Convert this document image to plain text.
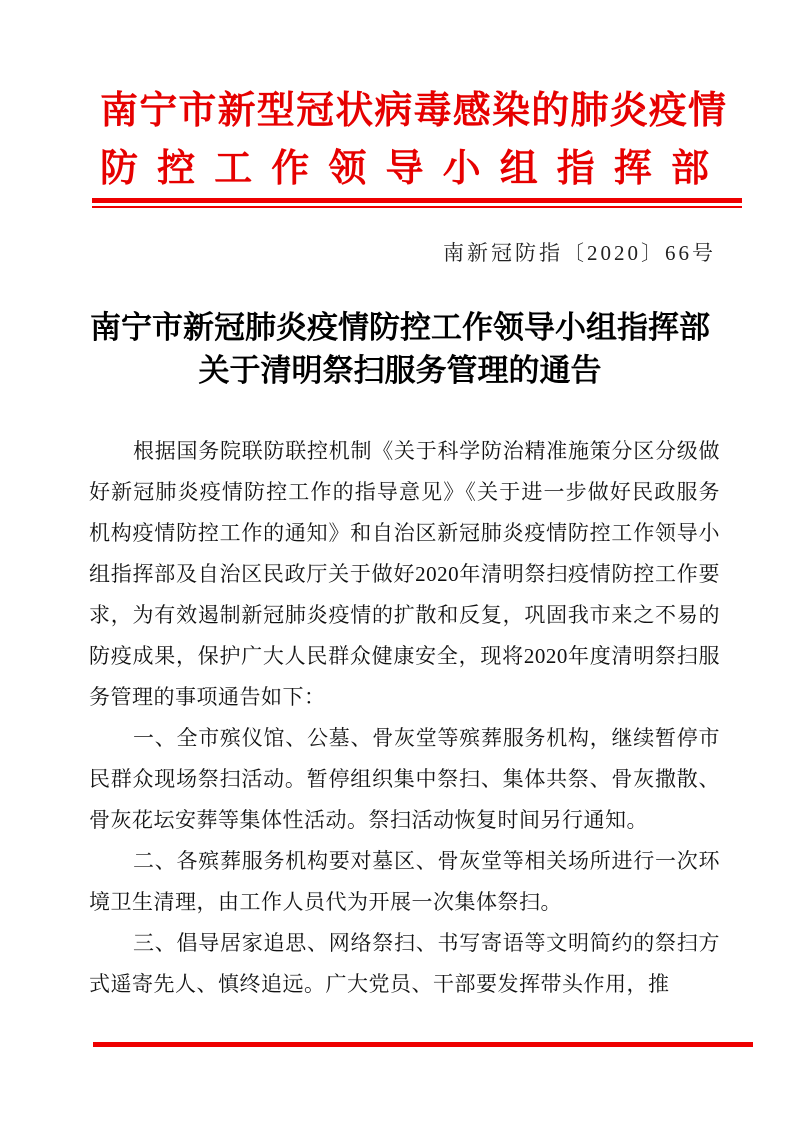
南宁市新型冠状病毒感染的肺炎疫情
防控工作领导小组指挥部
南新冠防指〔2020〕66号
南宁市新冠肺炎疫情防控工作领导小组指挥部
关于清明祭扫服务管理的通告

根据国务院联防联控机制《关于科学防治精准施策分区分级做好新冠肺炎疫情防控工作的指导意见》《关于进一步做好民政服务机构疫情防控工作的通知》和自治区新冠肺炎疫情防控工作领导小组指挥部及自治区民政厅关于做好2020年清明祭扫疫情防控工作要求，为有效遏制新冠肺炎疫情的扩散和反复，巩固我市来之不易的防疫成果，保护广大人民群众健康安全，现将2020年度清明祭扫服务管理的事项通告如下：

一、全市殡仪馆、公墓、骨灰堂等殡葬服务机构，继续暂停市民群众现场祭扫活动。暂停组织集中祭扫、集体共祭、骨灰撒散、骨灰花坛安葬等集体性活动。祭扫活动恢复时间另行通知。

二、各殡葬服务机构要对墓区、骨灰堂等相关场所进行一次环境卫生清理，由工作人员代为开展一次集体祭扫。

三、倡导居家追思、网络祭扫、书写寄语等文明简约的祭扫方式遥寄先人、慎终追远。广大党员、干部要发挥带头作用，推
